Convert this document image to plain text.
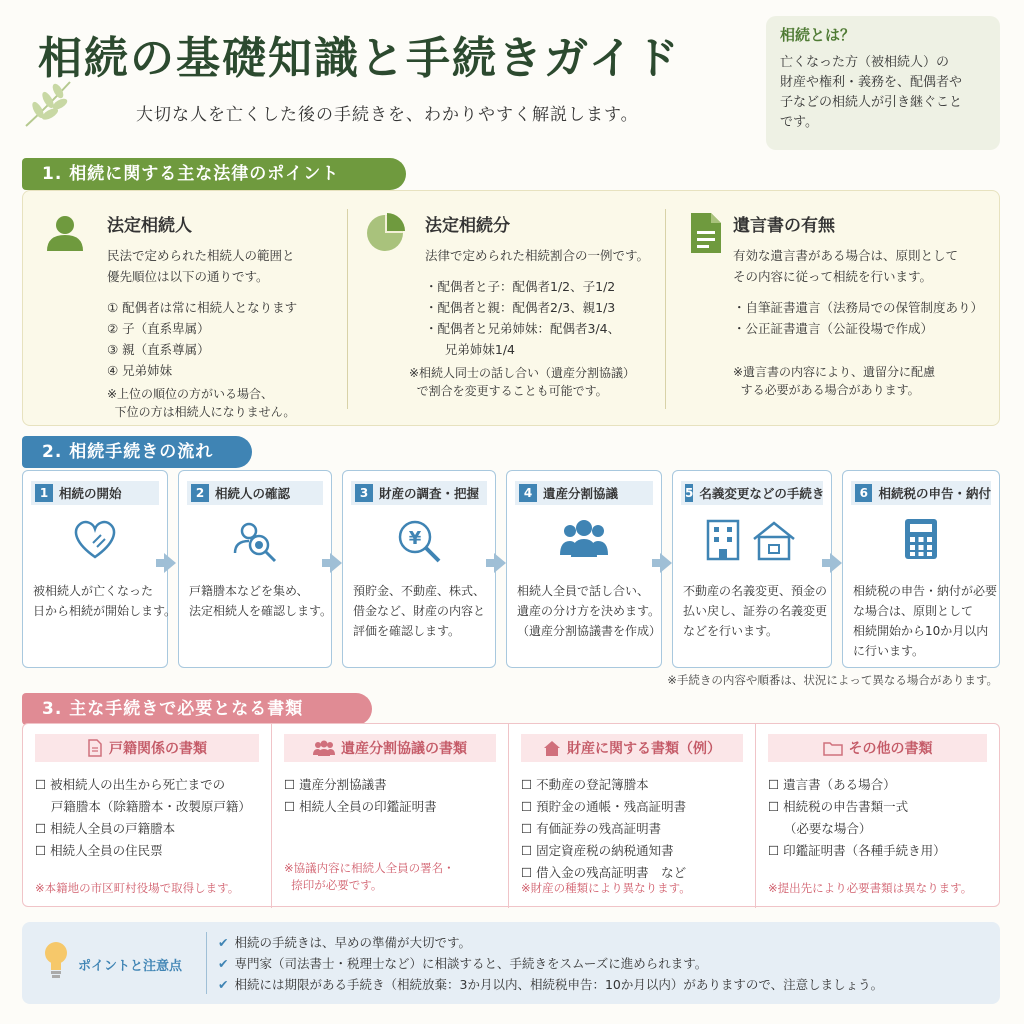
相続の基礎知識と手続きガイド
大切な人を亡くした後の手続きを、わかりやすく解説します。
相続とは？
亡くなった方（被相続人）の
財産や権利・義務を、配偶者や
子などの相続人が引き継ぐこと
です。
1. 相続に関する主な法律のポイント
法定相続人
民法で定められた相続人の範囲と
優先順位は以下の通りです。
① 配偶者は常に相続人となります
② 子（直系卑属）
③ 親（直系尊属）
④ 兄弟姉妹
※上位の順位の方がいる場合、
下位の方は相続人になりません。
法定相続分
法律で定められた相続割合の一例です。
・配偶者と子：配偶者1/2、子1/2
・配偶者と親：配偶者2/3、親1/3
・配偶者と兄弟姉妹：配偶者3/4、
兄弟姉妹1/4
※相続人同士の話し合い（遺産分割協議）
で割合を変更することも可能です。
遺言書の有無
有効な遺言書がある場合は、原則として
その内容に従って相続を行います。
・自筆証書遺言（法務局での保管制度あり）
・公正証書遺言（公証役場で作成）
※遺言書の内容により、遺留分に配慮
する必要がある場合があります。
2. 相続手続きの流れ
1 相続の開始
被相続人が亡くなった
日から相続が開始します。
2 相続人の確認
戸籍謄本などを集め、
法定相続人を確認します。
3 財産の調査・把握
¥
預貯金、不動産、株式、
借金など、財産の内容と
評価を確認します。
4 遺産分割協議
相続人全員で話し合い、
遺産の分け方を決めます。
（遺産分割協議書を作成）
5 名義変更などの手続き
不動産の名義変更、預金の
払い戻し、証券の名義変更
などを行います。
6 相続税の申告・納付
相続税の申告・納付が必要
な場合は、原則として
相続開始から10か月以内
に行います。
※手続きの内容や順番は、状況によって異なる場合があります。
3. 主な手続きで必要となる書類
戸籍関係の書類
☐ 被相続人の出生から死亡までの
戸籍謄本（除籍謄本・改製原戸籍）
☐ 相続人全員の戸籍謄本
☐ 相続人全員の住民票
※本籍地の市区町村役場で取得します。
遺産分割協議の書類
☐ 遺産分割協議書
☐ 相続人全員の印鑑証明書
※協議内容に相続人全員の署名・
捺印が必要です。
財産に関する書類（例）
☐ 不動産の登記簿謄本
☐ 預貯金の通帳・残高証明書
☐ 有価証券の残高証明書
☐ 固定資産税の納税通知書
☐ 借入金の残高証明書　など
※財産の種類により異なります。
その他の書類
☐ 遺言書（ある場合）
☐ 相続税の申告書類一式
（必要な場合）
☐ 印鑑証明書（各種手続き用）
※提出先により必要書類は異なります。
ポイントと注意点
✔ 相続の手続きは、早めの準備が大切です。
✔ 専門家（司法書士・税理士など）に相談すると、手続きをスムーズに進められます。
✔ 相続には期限がある手続き（相続放棄：3か月以内、相続税申告：10か月以内）がありますので、注意しましょう。
